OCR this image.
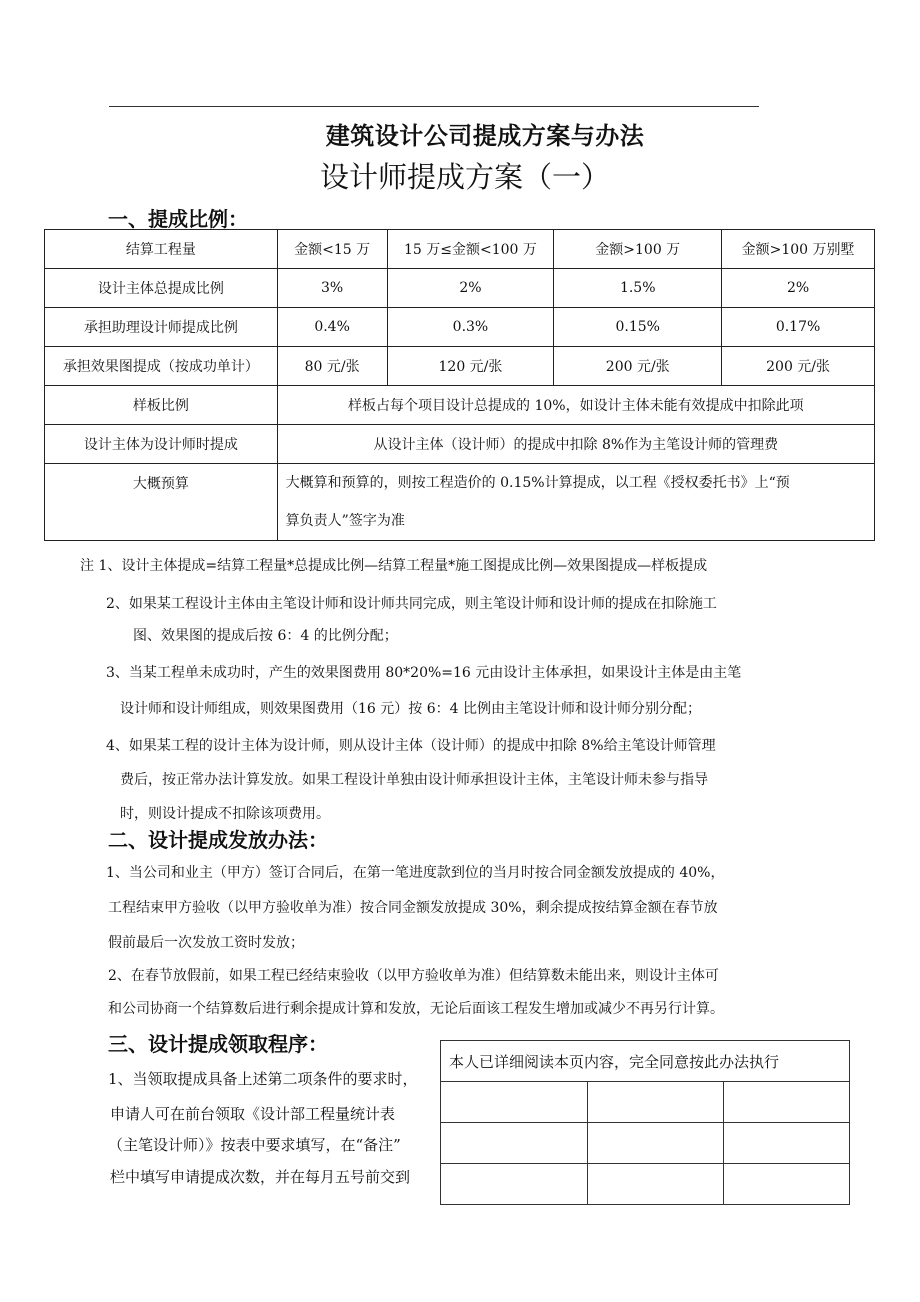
建筑设计公司提成方案与办法
设计师提成方案（一）
一、提成比例：
结算工程量	金额<15 万	15 万≤金额<100 万	金额>100 万	金额>100 万别墅
设计主体总提成比例	3%	2%	1.5%	2%
承担助理设计师提成比例	0.4%	0.3%	0.15%	0.17%
承担效果图提成（按成功单计）	80 元/张	120 元/张	200 元/张	200 元/张
样板比例	样板占每个项目设计总提成的 10%，如设计主体未能有效提成中扣除此项			
设计主体为设计师时提成	从设计主体（设计师）的提成中扣除 8%作为主笔设计师的管理费			
大概预算	大概算和预算的，则按工程造价的 0.15%计算提成，以工程《授权委托书》上“预
算负责人”签字为准			
注 1、设计主体提成=结算工程量*总提成比例—结算工程量*施工图提成比例—效果图提成—样板提成
2、如果某工程设计主体由主笔设计师和设计师共同完成，则主笔设计师和设计师的提成在扣除施工
图、效果图的提成后按 6：4 的比例分配；
3、当某工程单未成功时，产生的效果图费用 80*20%=16 元由设计主体承担，如果设计主体是由主笔
设计师和设计师组成，则效果图费用（16 元）按 6：4 比例由主笔设计师和设计师分别分配；
4、如果某工程的设计主体为设计师，则从设计主体（设计师）的提成中扣除 8%给主笔设计师管理
费后，按正常办法计算发放。如果工程设计单独由设计师承担设计主体，主笔设计师未参与指导
时，则设计提成不扣除该项费用。
二、设计提成发放办法：
1、当公司和业主（甲方）签订合同后，在第一笔进度款到位的当月时按合同金额发放提成的 40%，
工程结束甲方验收（以甲方验收单为准）按合同金额发放提成 30%，剩余提成按结算金额在春节放
假前最后一次发放工资时发放；
2、在春节放假前，如果工程已经结束验收（以甲方验收单为准）但结算数未能出来，则设计主体可
和公司协商一个结算数后进行剩余提成计算和发放，无论后面该工程发生增加或减少不再另行计算。
三、设计提成领取程序：
1、当领取提成具备上述第二项条件的要求时，
申请人可在前台领取《设计部工程量统计表
（主笔设计师）》按表中要求填写，在“备注”
栏中填写申请提成次数，并在每月五号前交到
本人已详细阅读本页内容，完全同意按此办法执行		
